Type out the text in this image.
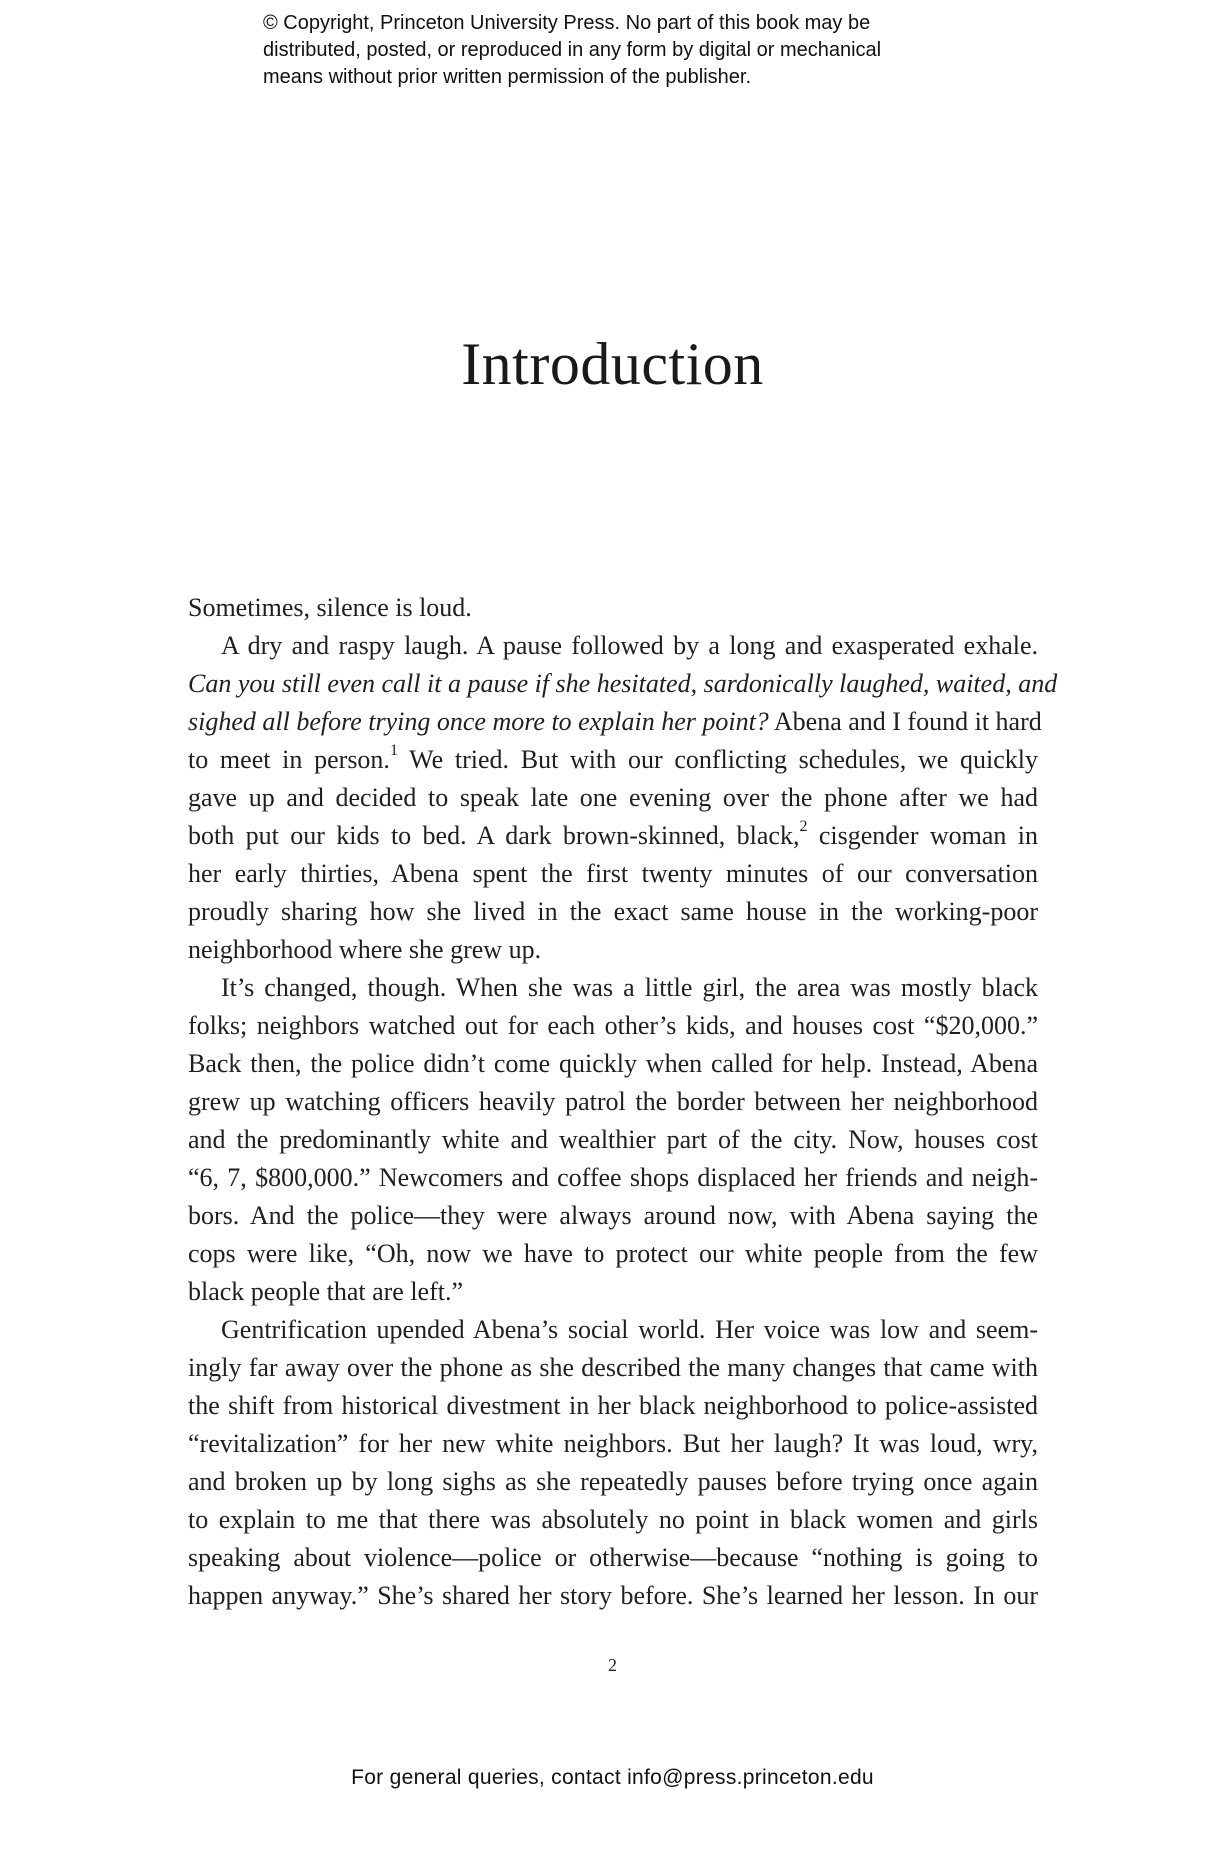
© Copyright, Princeton University Press. No part of this book may be
distributed, posted, or reproduced in any form by digital or mechanical
means without prior written permission of the publisher.
Introduction
Sometimes, silence is loud.
A dry and raspy laugh. A pause followed by a long and exasperated exhale.
Can you still even call it a pause if she hesitated, sardonically laughed, waited, and
sighed all before trying once more to explain her point? Abena and I found it hard
to meet in person.$^1$ We tried. But with our conflicting schedules, we quickly
gave up and decided to speak late one evening over the phone after we had
both put our kids to bed. A dark brown-skinned, black,$^2$ cisgender woman in
her early thirties, Abena spent the first twenty minutes of our conversation
proudly sharing how she lived in the exact same house in the working-poor
neighborhood where she grew up.
It’s changed, though. When she was a little girl, the area was mostly black
folks; neighbors watched out for each other’s kids, and houses cost “$20,000.”
Back then, the police didn’t come quickly when called for help. Instead, Abena
grew up watching officers heavily patrol the border between her neighborhood
and the predominantly white and wealthier part of the city. Now, houses cost
“6, 7, $800,000.” Newcomers and coffee shops displaced her friends and neigh-
bors. And the police—they were always around now, with Abena saying the
cops were like, “Oh, now we have to protect our white people from the few
black people that are left.”
Gentrification upended Abena’s social world. Her voice was low and seem-
ingly far away over the phone as she described the many changes that came with
the shift from historical divestment in her black neighborhood to police-assisted
“revitalization” for her new white neighbors. But her laugh? It was loud, wry,
and broken up by long sighs as she repeatedly pauses before trying once again
to explain to me that there was absolutely no point in black women and girls
speaking about violence—police or otherwise—because “nothing is going to
happen anyway.” She’s shared her story before. She’s learned her lesson. In our
2
For general queries, contact info@press.princeton.edu
